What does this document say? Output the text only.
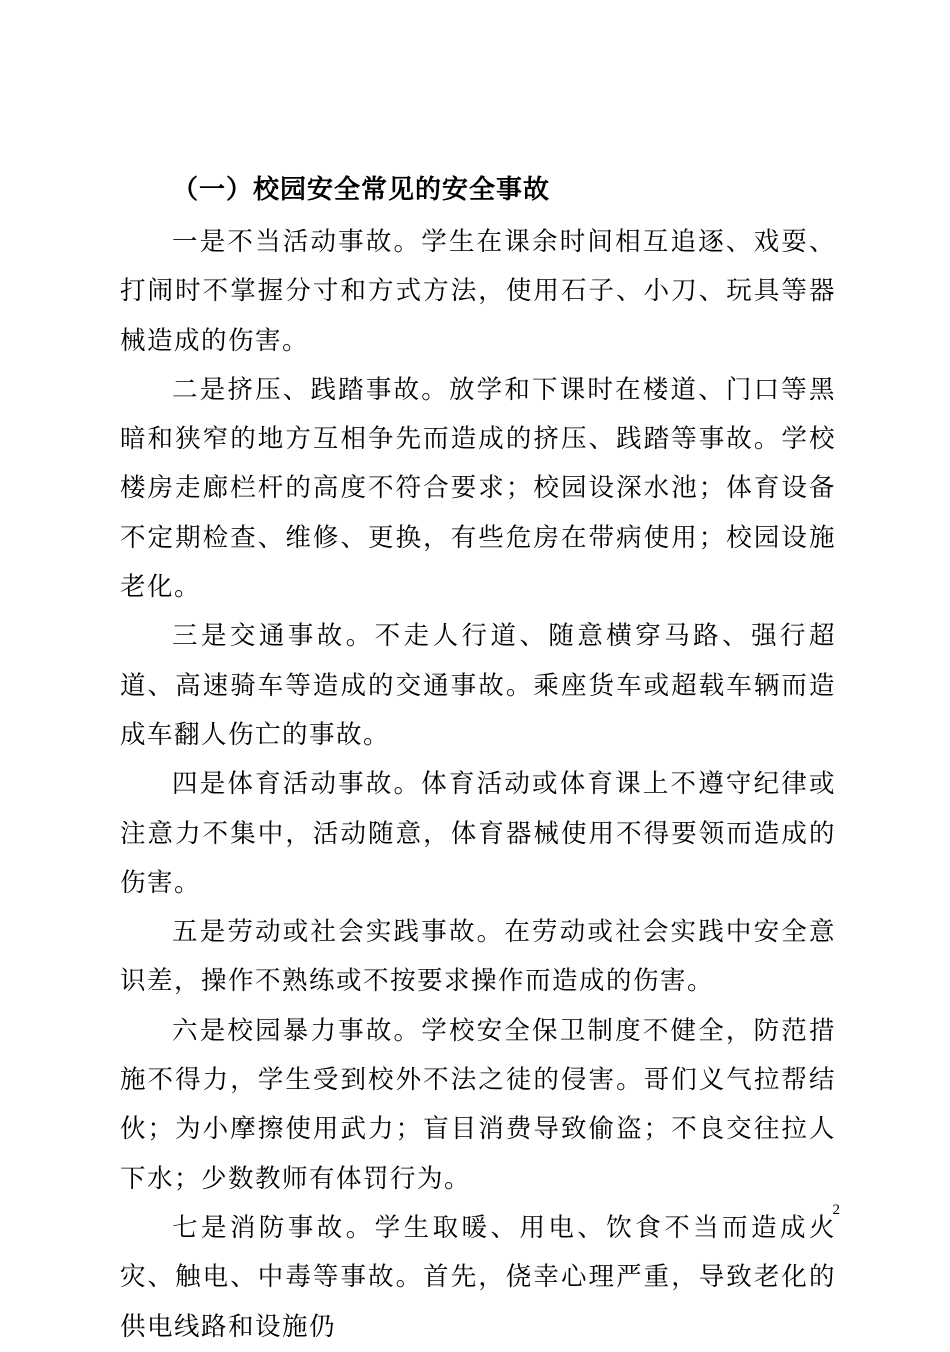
（一）校园安全常见的安全事故

一是不当活动事故。学生在课余时间相互追逐、戏耍、打闹时不掌握分寸和方式方法，使用石子、小刀、玩具等器械造成的伤害。

二是挤压、践踏事故。放学和下课时在楼道、门口等黑暗和狭窄的地方互相争先而造成的挤压、践踏等事故。学校楼房走廊栏杆的高度不符合要求；校园设深水池；体育设备不定期检查、维修、更换，有些危房在带病使用；校园设施老化。

三是交通事故。不走人行道、随意横穿马路、强行超道、高速骑车等造成的交通事故。乘座货车或超载车辆而造成车翻人伤亡的事故。

四是体育活动事故。体育活动或体育课上不遵守纪律或注意力不集中，活动随意，体育器械使用不得要领而造成的伤害。

五是劳动或社会实践事故。在劳动或社会实践中安全意识差，操作不熟练或不按要求操作而造成的伤害。

六是校园暴力事故。学校安全保卫制度不健全，防范措施不得力，学生受到校外不法之徒的侵害。哥们义气拉帮结伙；为小摩擦使用武力；盲目消费导致偷盗；不良交往拉人下水；少数教师有体罚行为。

七是消防事故。学生取暖、用电、饮食不当而造成火灾、触电、中毒等事故。首先，侥幸心理严重，导致老化的供电线路和设施仍

2
